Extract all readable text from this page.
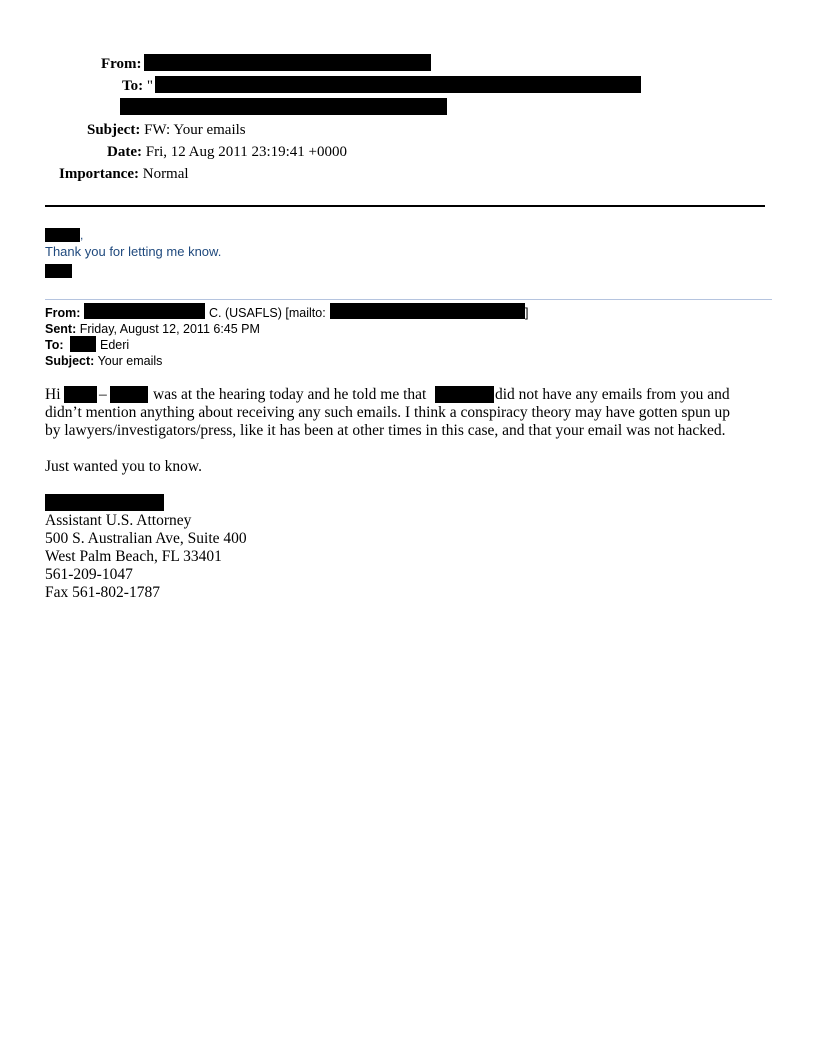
From:
To: "
Subject: FW: Your emails
Date: Fri, 12 Aug 2011 23:19:41 +0000
Importance: Normal
,
Thank you for letting me know.
From:	C. (USAFLS) [mailto:	]
Sent: Friday, August 12, 2011 6:45 PM
To:	Ederi
Subject: Your emails
Hi –	was at the hearing today and he told me that	did not have any emails from you and
didn’t mention anything about receiving any such emails. I think a conspiracy theory may have gotten spun up
by lawyers/investigators/press, like it has been at other times in this case, and that your email was not hacked.
Just wanted you to know.
Assistant U.S. Attorney
500 S. Australian Ave, Suite 400
West Palm Beach, FL 33401
561-209-1047
Fax 561-802-1787
